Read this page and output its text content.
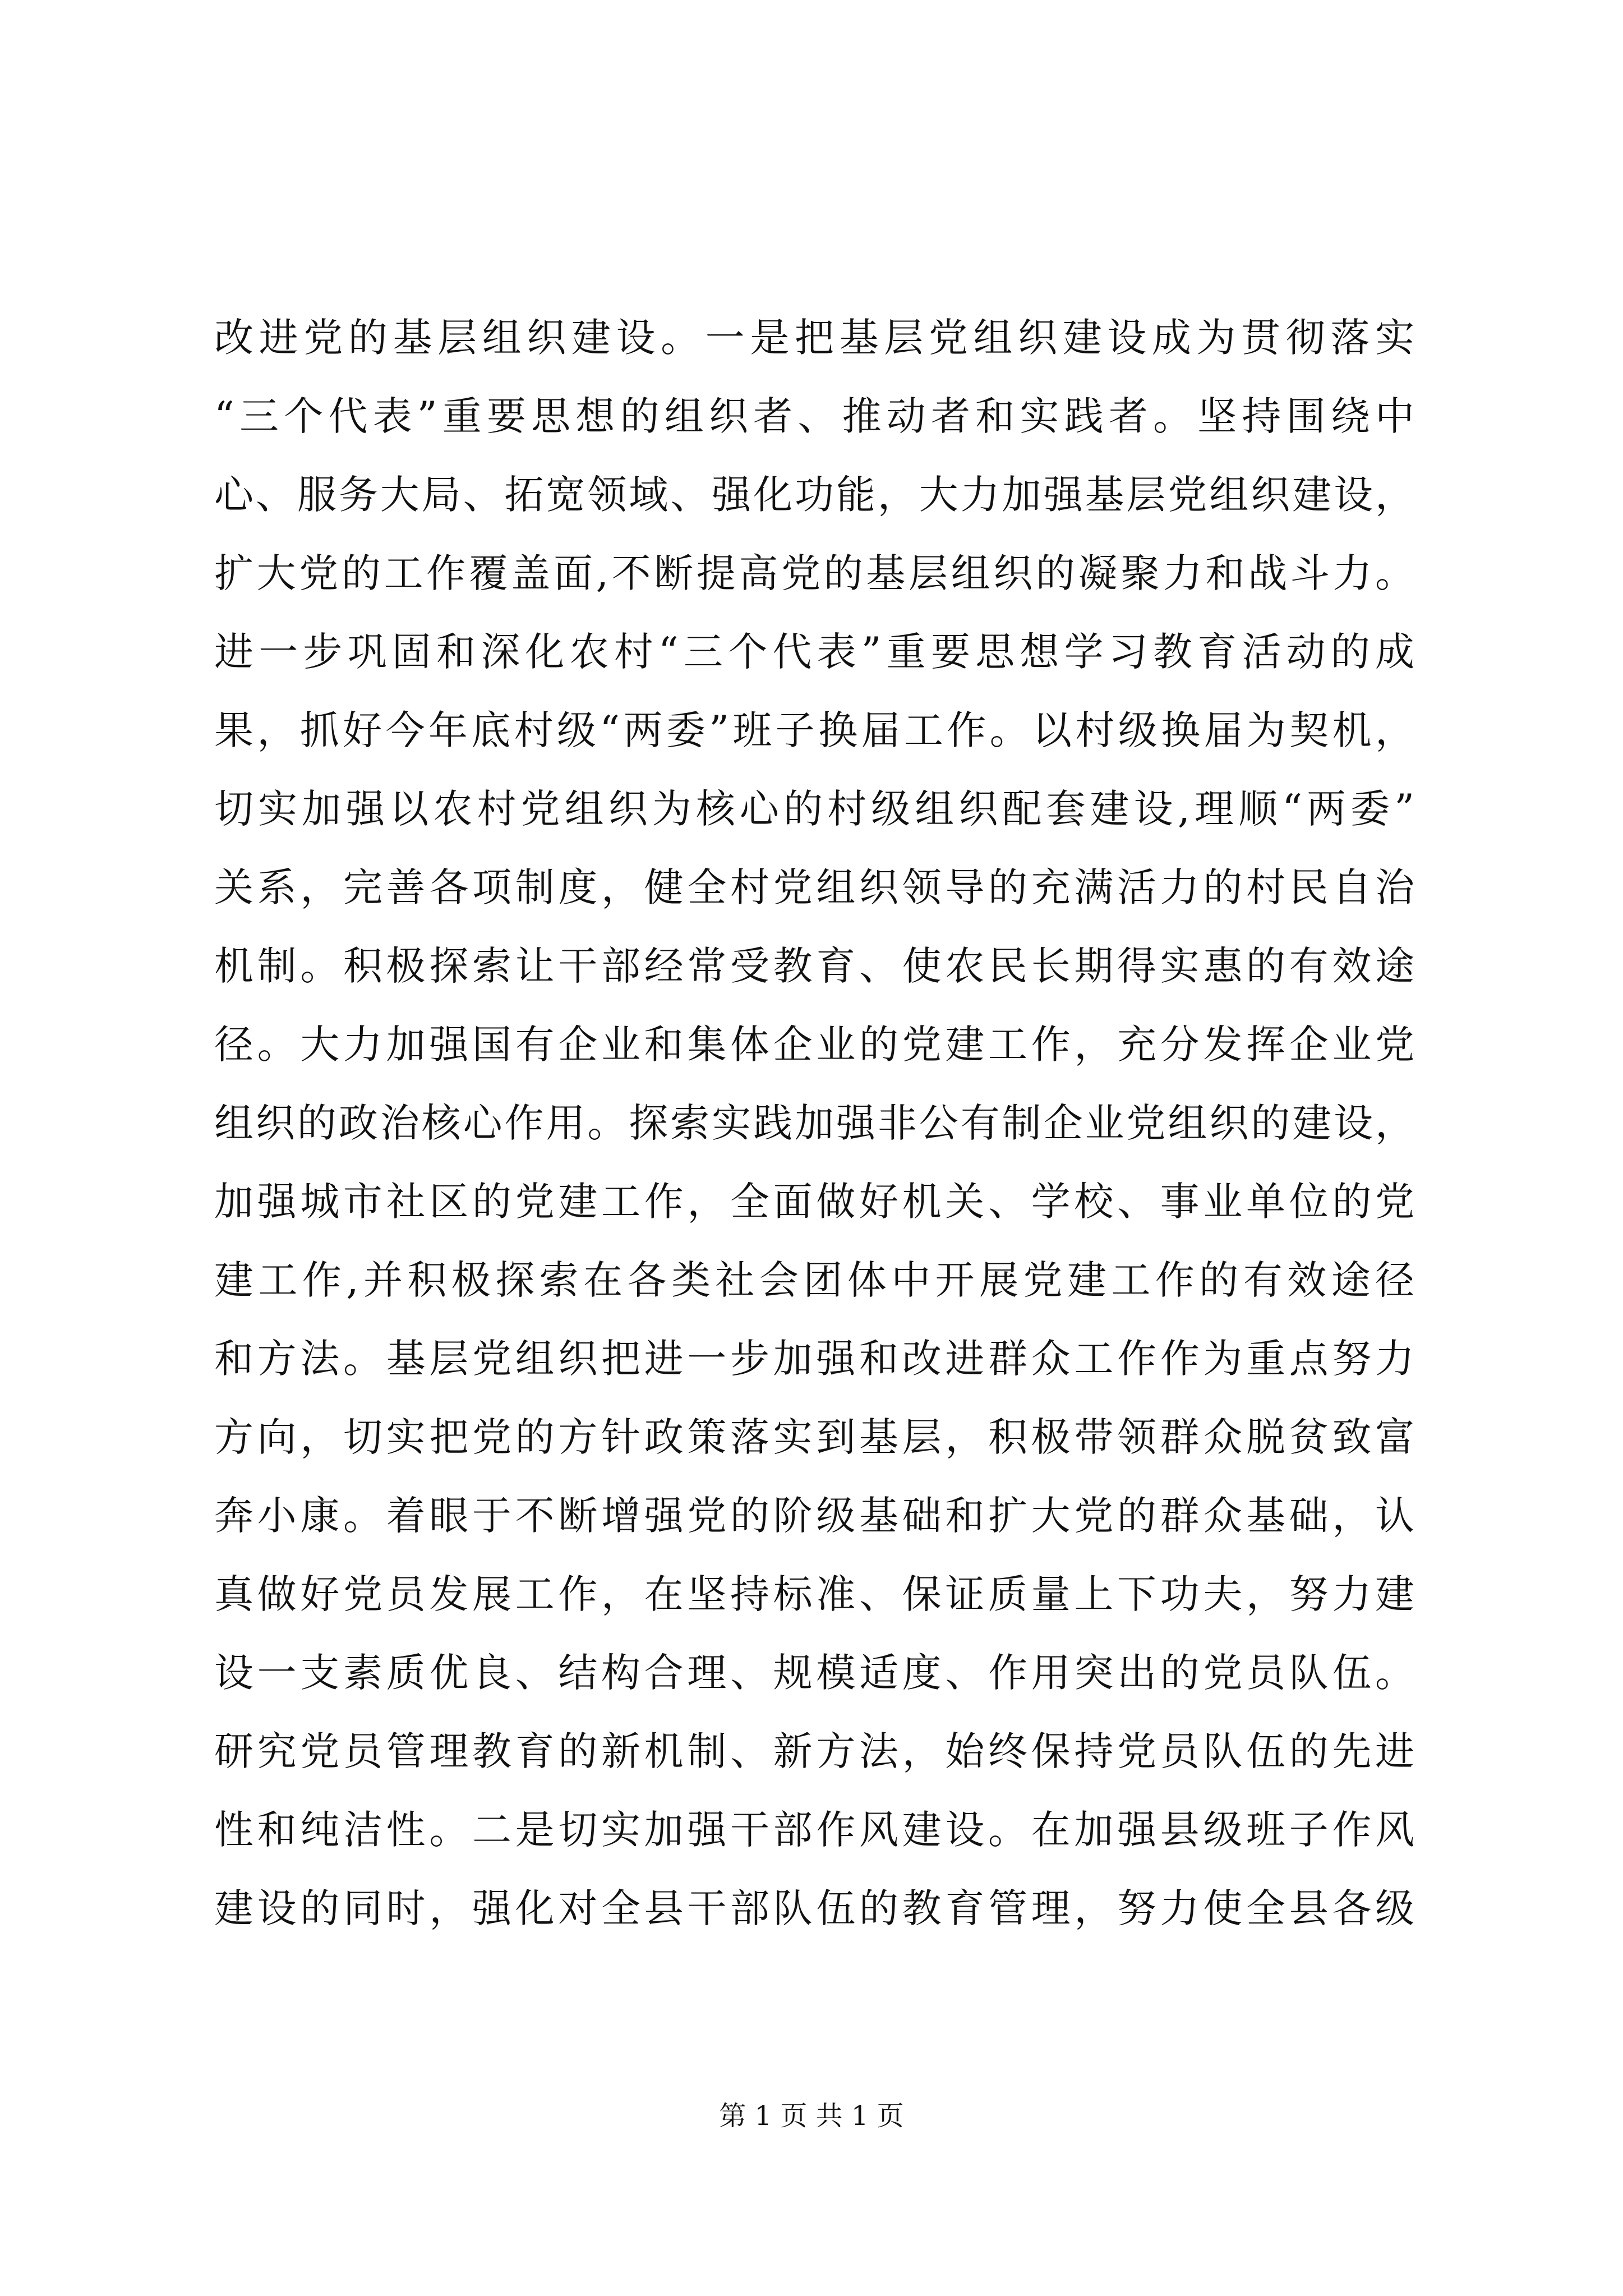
改进党的基层组织建设。一是把基层党组织建设成为贯彻落实
“三个代表”重要思想的组织者、推动者和实践者。坚持围绕中
心、服务大局、拓宽领域、强化功能，大力加强基层党组织建设，
扩大党的工作覆盖面,不断提高党的基层组织的凝聚力和战斗力。
进一步巩固和深化农村“三个代表”重要思想学习教育活动的成
果，抓好今年底村级“两委”班子换届工作。以村级换届为契机，
切实加强以农村党组织为核心的村级组织配套建设,理顺“两委”
关系，完善各项制度，健全村党组织领导的充满活力的村民自治
机制。积极探索让干部经常受教育、使农民长期得实惠的有效途
径。大力加强国有企业和集体企业的党建工作，充分发挥企业党
组织的政治核心作用。探索实践加强非公有制企业党组织的建设，
加强城市社区的党建工作，全面做好机关、学校、事业单位的党
建工作,并积极探索在各类社会团体中开展党建工作的有效途径
和方法。基层党组织把进一步加强和改进群众工作作为重点努力
方向，切实把党的方针政策落实到基层，积极带领群众脱贫致富
奔小康。着眼于不断增强党的阶级基础和扩大党的群众基础，认
真做好党员发展工作，在坚持标准、保证质量上下功夫，努力建
设一支素质优良、结构合理、规模适度、作用突出的党员队伍。
研究党员管理教育的新机制、新方法，始终保持党员队伍的先进
性和纯洁性。二是切实加强干部作风建设。在加强县级班子作风
建设的同时，强化对全县干部队伍的教育管理，努力使全县各级
第 1 页 共 1 页
